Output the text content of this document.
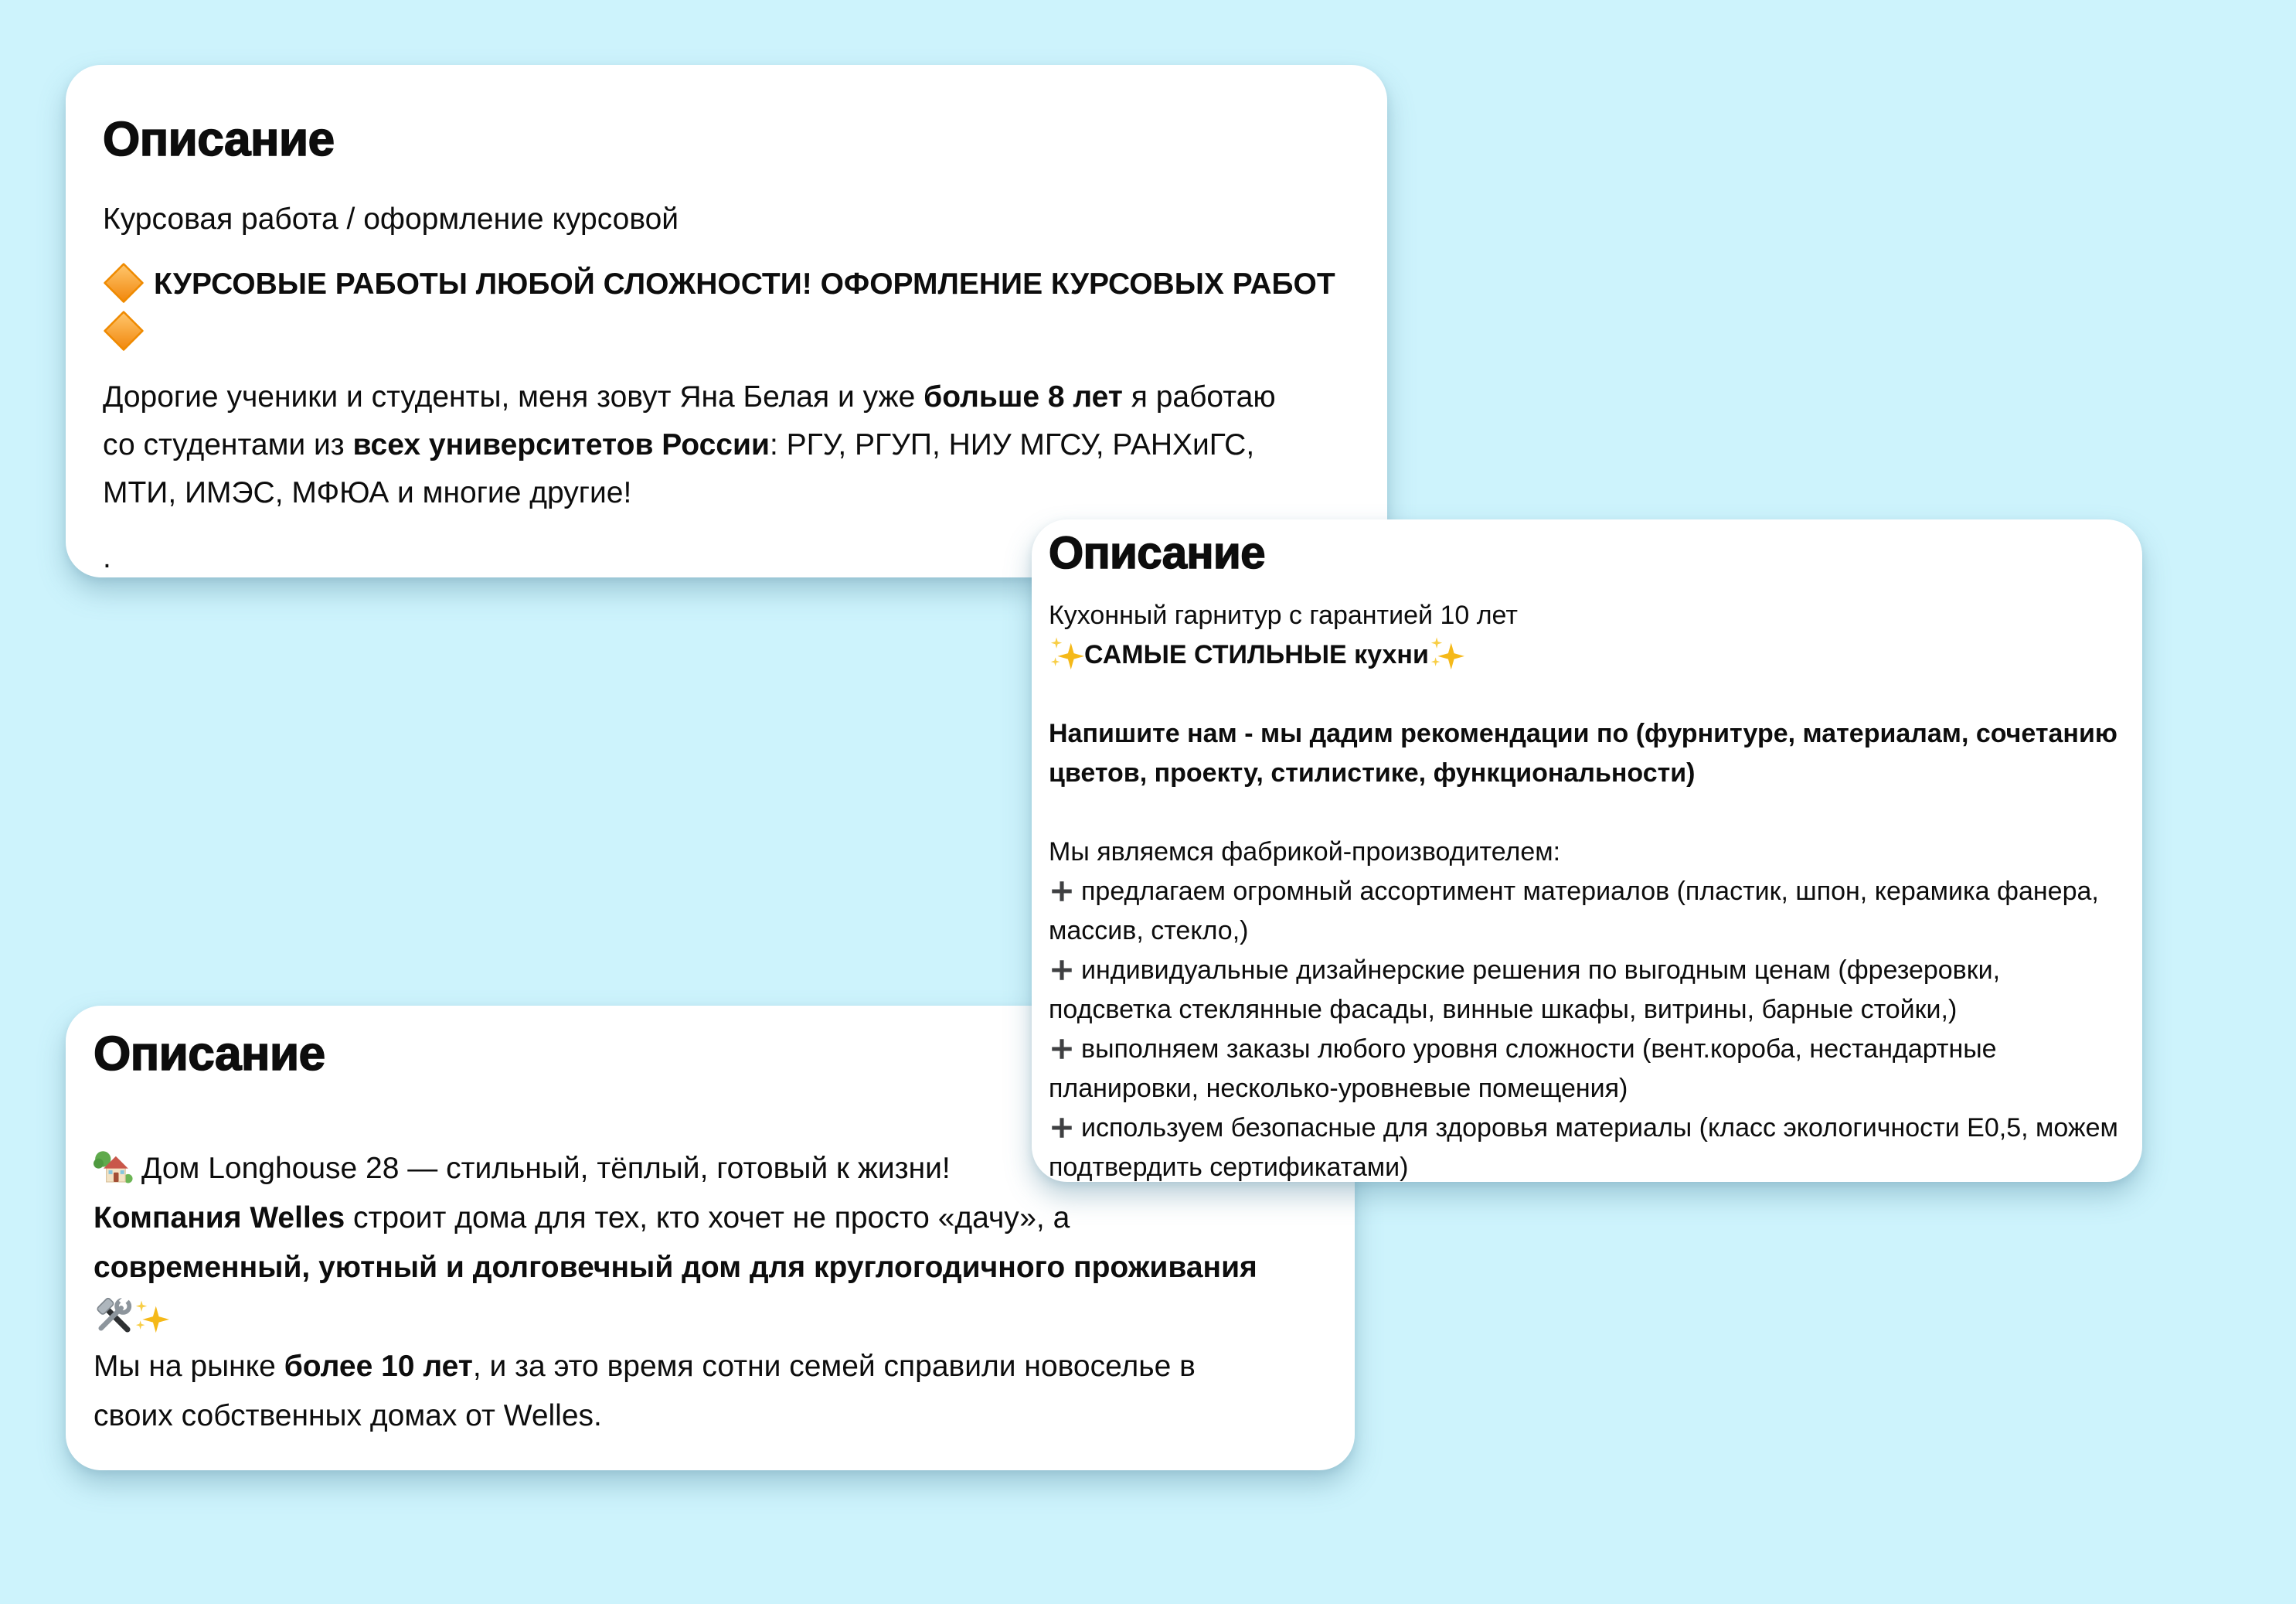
Описание
Курсовая работа / оформление курсовой
КУРСОВЫЕ РАБОТЫ ЛЮБОЙ СЛОЖНОСТИ! ОФОРМЛЕНИЕ КУРСОВЫХ РАБОТ
Дорогие ученики и студенты, меня зовут Яна Белая и уже больше 8 лет я работаю
со студентами из всех университетов России: РГУ, РГУП, НИУ МГСУ, РАНХиГС,
МТИ, ИМЭС, МФЮА и многие другие!
.	Описание
Кухонный гарнитур с гарантией 10 лет
САМЫЕ СТИЛЬНЫЕ кухни
Напишите нам - мы дадим рекомендации по (фурнитуре, материалам, сочетанию
цветов, проекту, стилистике, функциональности)
Мы являемся фабрикой-производителем:
предлагаем огромный ассортимент материалов (пластик, шпон, керамика фанера,
массив, стекло,)
индивидуальные дизайнерские решения по выгодным ценам (фрезеровки,
подсветка стеклянные фасады, винные шкафы, витрины, барные стойки,)
выполняем заказы любого уровня сложности (вент.короба, нестандартные
планировки, несколько-уровневые помещения)
используем безопасные для здоровья материалы (класс экологичности Е0,5, можем
подтвердить сертификатами)
Описание
Дом Longhouse 28 — стильный, тёплый, готовый к жизни!
Компания Welles строит дома для тех, кто хочет не просто «дачу», а
современный, уютный и долговечный дом для круглогодичного проживания
Мы на рынке более 10 лет, и за это время сотни семей справили новоселье в
своих собственных домах от Welles.
